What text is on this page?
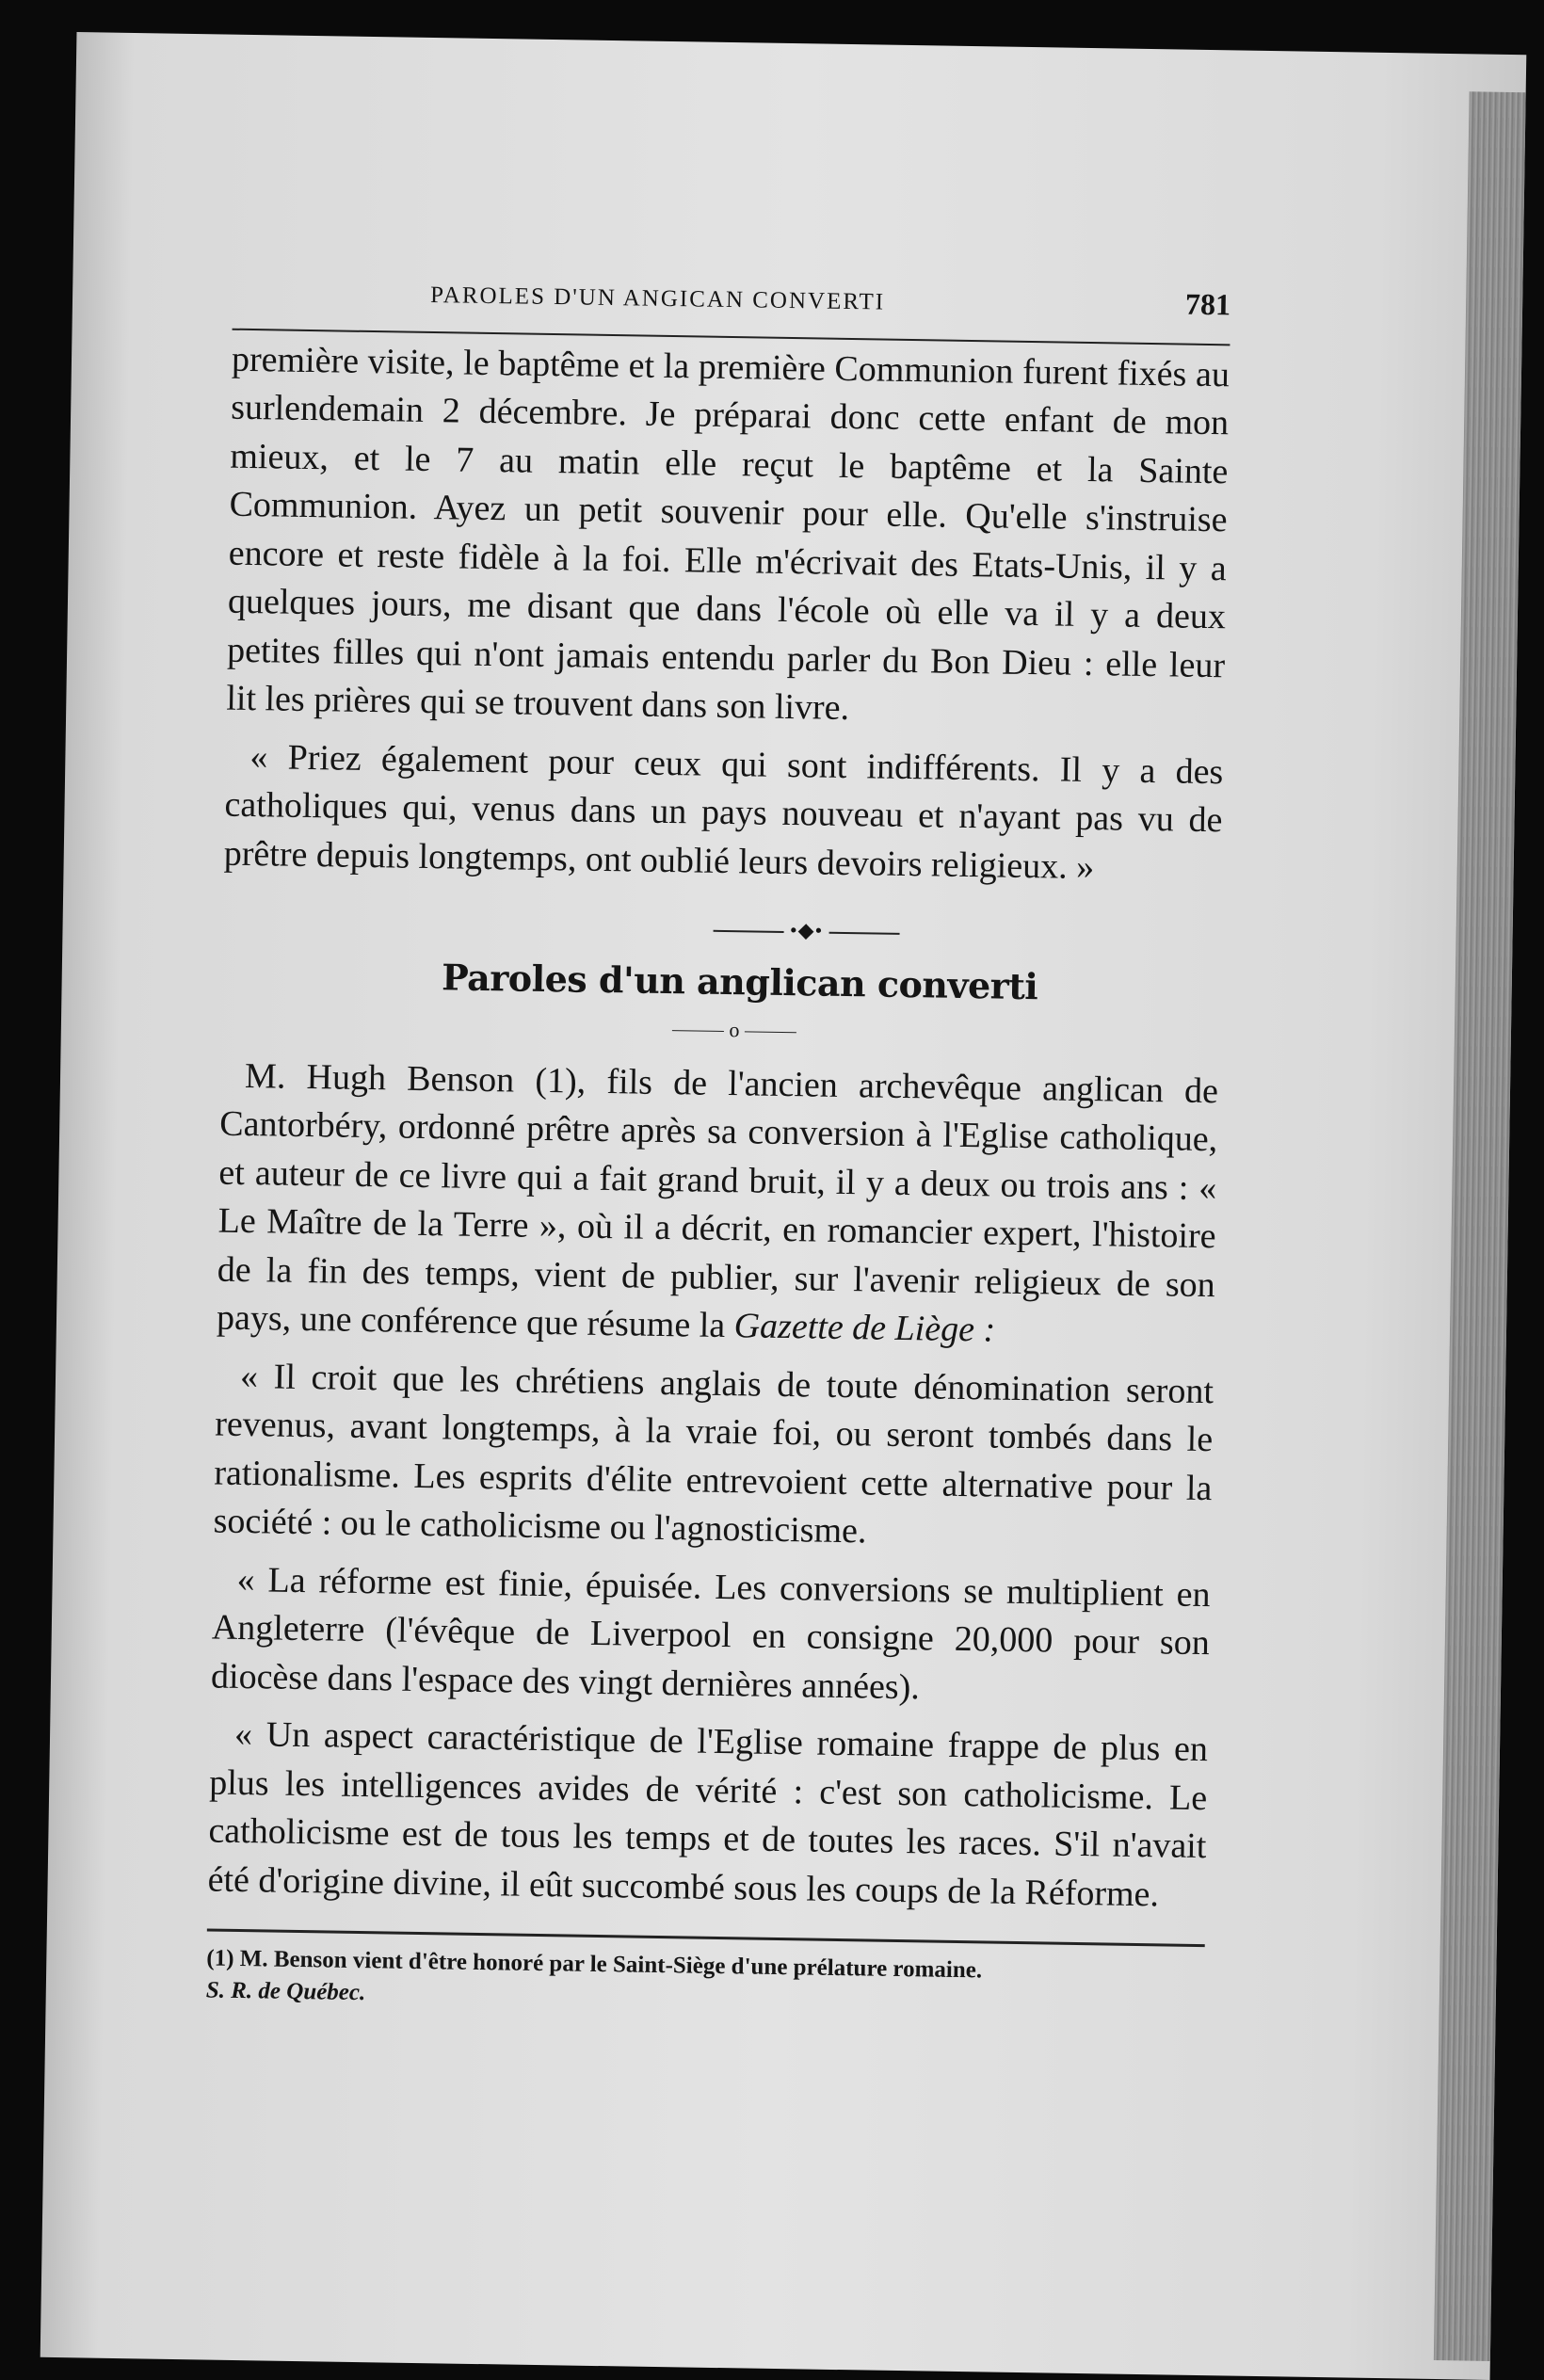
PAROLES D'UN ANGICAN CONVERTI	781

première visite, le baptême et la première Communion furent fixés au surlendemain 2 décembre. Je préparai donc cette enfant de mon mieux, et le 7 au matin elle reçut le baptême et la Sainte Communion. Ayez un petit souvenir pour elle. Qu'elle s'instruise encore et reste fidèle à la foi. Elle m'écrivait des Etats-Unis, il y a quelques jours, me disant que dans l'école où elle va il y a deux petites filles qui n'ont jamais entendu parler du Bon Dieu : elle leur lit les prières qui se trouvent dans son livre.

« Priez également pour ceux qui sont indifférents. Il y a des catholiques qui, venus dans un pays nouveau et n'ayant pas vu de prêtre depuis longtemps, ont oublié leurs devoirs religieux. »

•◆•
Paroles d'un anglican converti
o

M. Hugh Benson (1), fils de l'ancien archevêque anglican de Cantorbéry, ordonné prêtre après sa conversion à l'Eglise catholique, et auteur de ce livre qui a fait grand bruit, il y a deux ou trois ans : « Le Maître de la Terre », où il a décrit, en romancier expert, l'histoire de la fin des temps, vient de publier, sur l'avenir religieux de son pays, une conférence que résume la Gazette de Liège :

« Il croit que les chrétiens anglais de toute dénomination seront revenus, avant longtemps, à la vraie foi, ou seront tombés dans le rationalisme. Les esprits d'élite entrevoient cette alternative pour la société : ou le catholicisme ou l'agnosticisme.

« La réforme est finie, épuisée. Les conversions se multiplient en Angleterre (l'évêque de Liverpool en consigne 20,000 pour son diocèse dans l'espace des vingt dernières années).

« Un aspect caractéristique de l'Eglise romaine frappe de plus en plus les intelligences avides de vérité : c'est son catholicisme. Le catholicisme est de tous les temps et de toutes les races. S'il n'avait été d'origine divine, il eût succombé sous les coups de la Réforme.

(1) M. Benson vient d'être honoré par le Saint-Siège d'une prélature romaine.
S. R. de Québec.
